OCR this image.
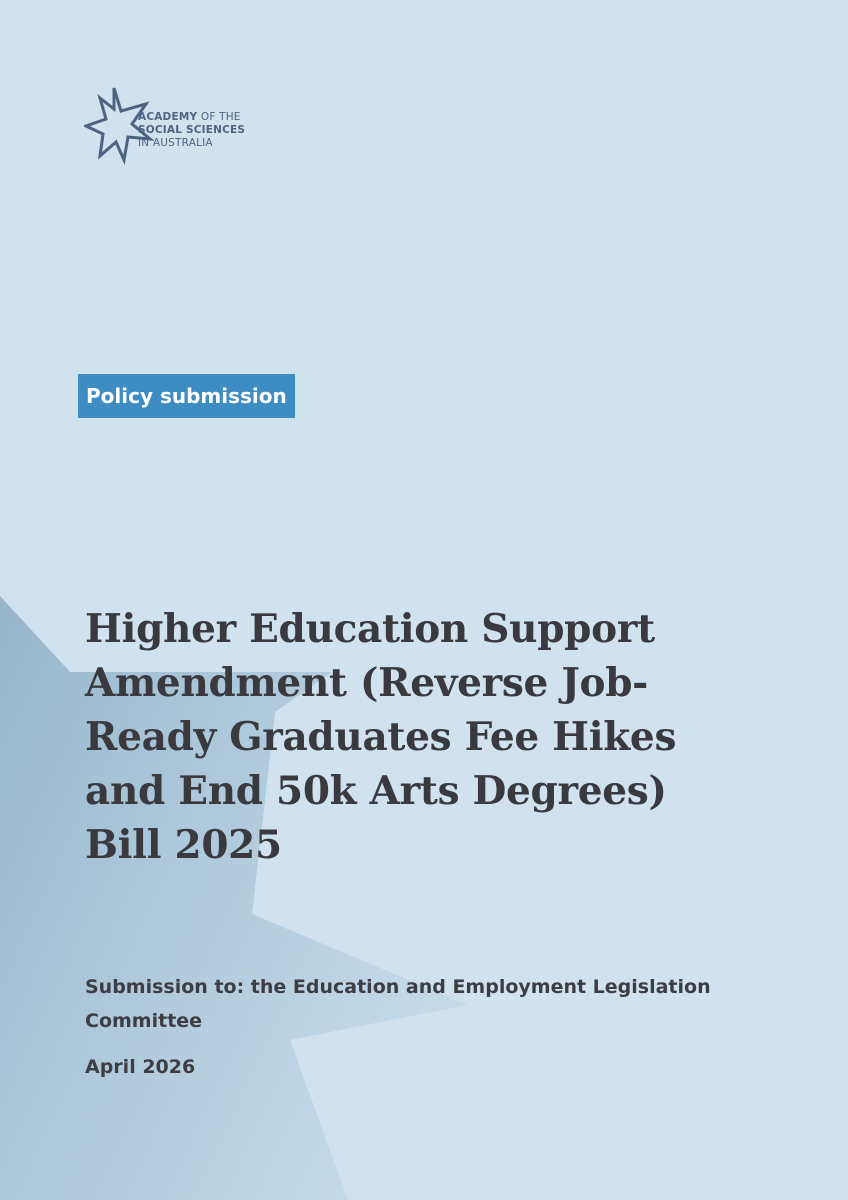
ACADEMY OF THE
SOCIAL SCIENCES
IN AUSTRALIA
Policy submission
Higher Education Support
Amendment (Reverse Job-
Ready Graduates Fee Hikes
and End 50k Arts Degrees)
Bill 2025

Submission to: the Education and Employment Legislation
Committee

April 2026
